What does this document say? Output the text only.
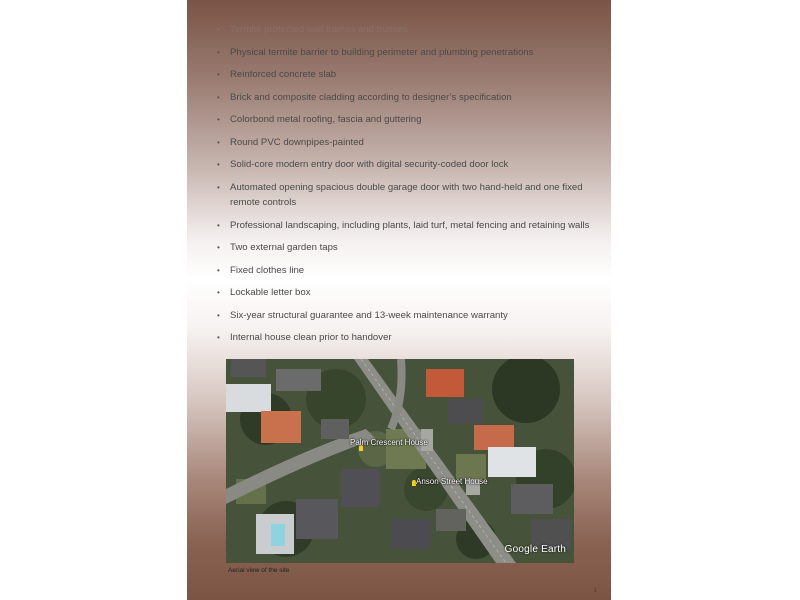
• Termite protected wall frames and trusses
• Physical termite barrier to building perimeter and plumbing penetrations
• Reinforced concrete slab
• Brick and composite cladding according to designer’s specification
• Colorbond metal roofing, fascia and guttering
• Round PVC downpipes-painted
• Solid-core modern entry door with digital security-coded door lock
• Automated opening spacious double garage door with two hand-held and one fixed remote controls
• Professional landscaping, including plants, laid turf, metal fencing and retaining walls
• Two external garden taps
• Fixed clothes line
• Lockable letter box
• Six-year structural guarantee and 13-week maintenance warranty
• Internal house clean prior to handover
Palm Crescent House
Anson Street House
Google Earth
Aerial view of the site
1
